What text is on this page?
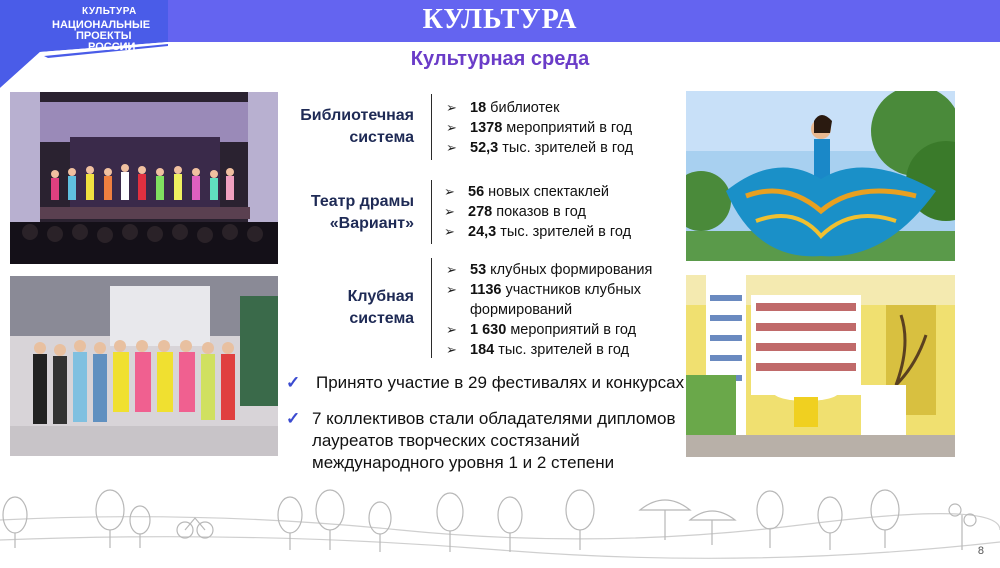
КУЛЬТУРА
КУЛЬТУРА
НАЦИОНАЛЬНЫЕ
ПРОЕКТЫ
РОССИИ
Культурная среда
Библиотечная
система
➢ 18 библиотек
➢ 1378 мероприятий в год
➢ 52,3 тыс. зрителей в год
Театр драмы
«Вариант»
➢ 56 новых спектаклей
➢ 278 показов в год
➢ 24,3 тыс. зрителей в год
Клубная
система
➢ 53 клубных формирования
➢ 1136 участников клубных
формирований
➢ 1 630 мероприятий в год
➢ 184 тыс. зрителей в год
✓ Принято участие в 29 фестивалях и конкурсах
✓ 7 коллективов стали обладателями дипломов
лауреатов творческих состязаний
международного уровня 1 и 2 степени
8
